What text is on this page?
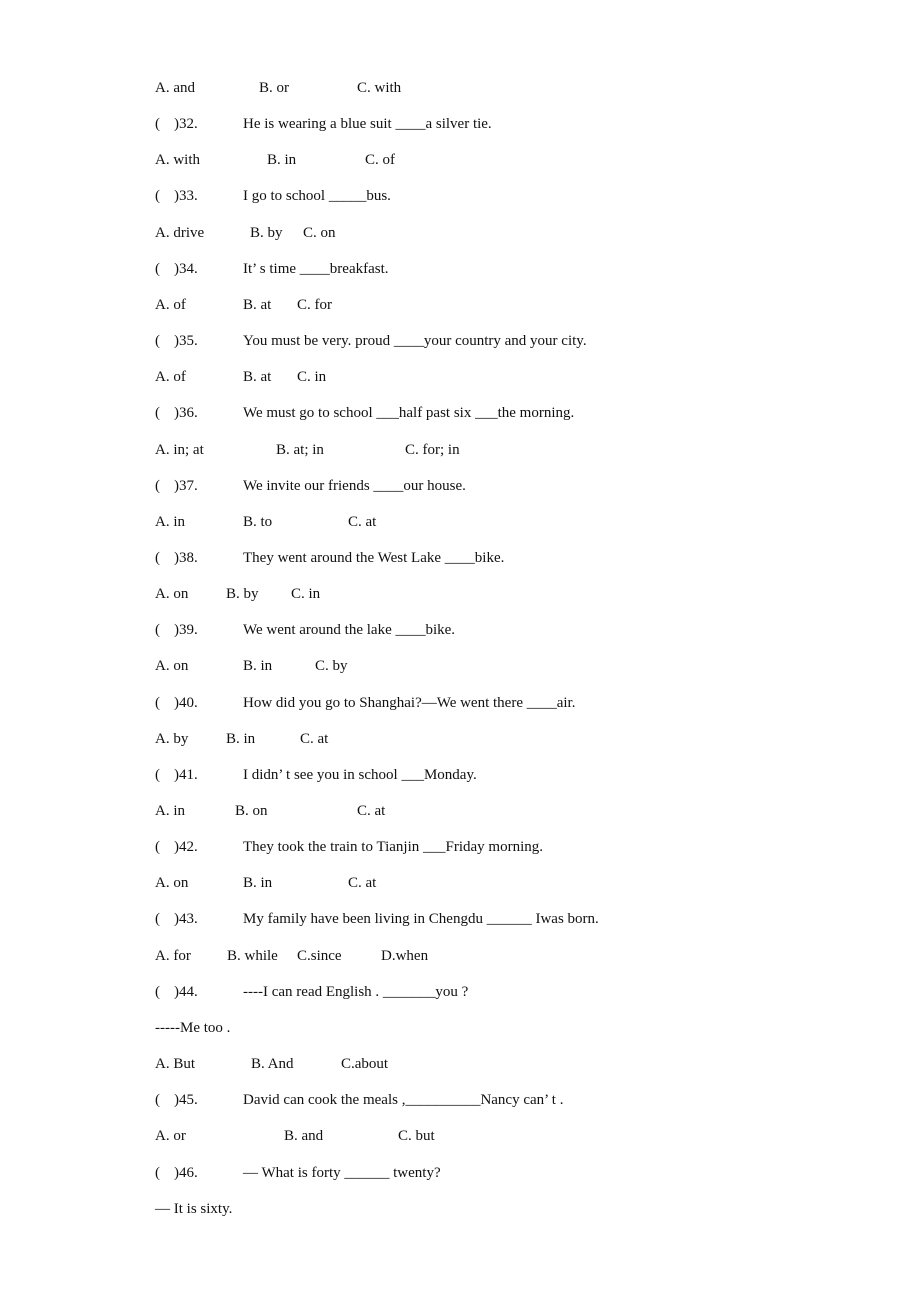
A. and	B. or	C. with
( )32.	He is wearing a blue suit ____a silver tie.
A. with	B. in	C. of
( )33.	I go to school _____bus.
A. drive	B. by C. on
( )34.	It’ s time ____breakfast.
A. of	B. at C. for
( )35.	You must be very. proud ____your country and your city.
A. of	B. at C. in
( )36.	We must go to school ___half past six ___the morning.
A. in; at	B. at; in	C. for; in
( )37.	We invite our friends ____our house.
A. in	B. to	C. at
( )38.	They went around the West Lake ____bike.
A. on	B. by C. in
( )39.	We went around the lake ____bike.
A. on	B. in	C. by
( )40.	How did you go to Shanghai?—We went there ____air.
A. by	B. in	C. at
( )41.	I didn’ t see you in school ___Monday.
A. in	B. on	C. at
( )42.	They took the train to Tianjin ___Friday morning.
A. on	B. in	C. at
( )43.	My family have been living in Chengdu ______ Iwas born.
A. for B. while C.since	D.when
( )44.	----I can read English . _______you ?
-----Me too .
A. But	B. And	C.about
( )45.	David can cook the meals ,__________Nancy can’ t .
A. or	B. and	C. but
( )46.	— What is forty ______ twenty?
— It is sixty.
